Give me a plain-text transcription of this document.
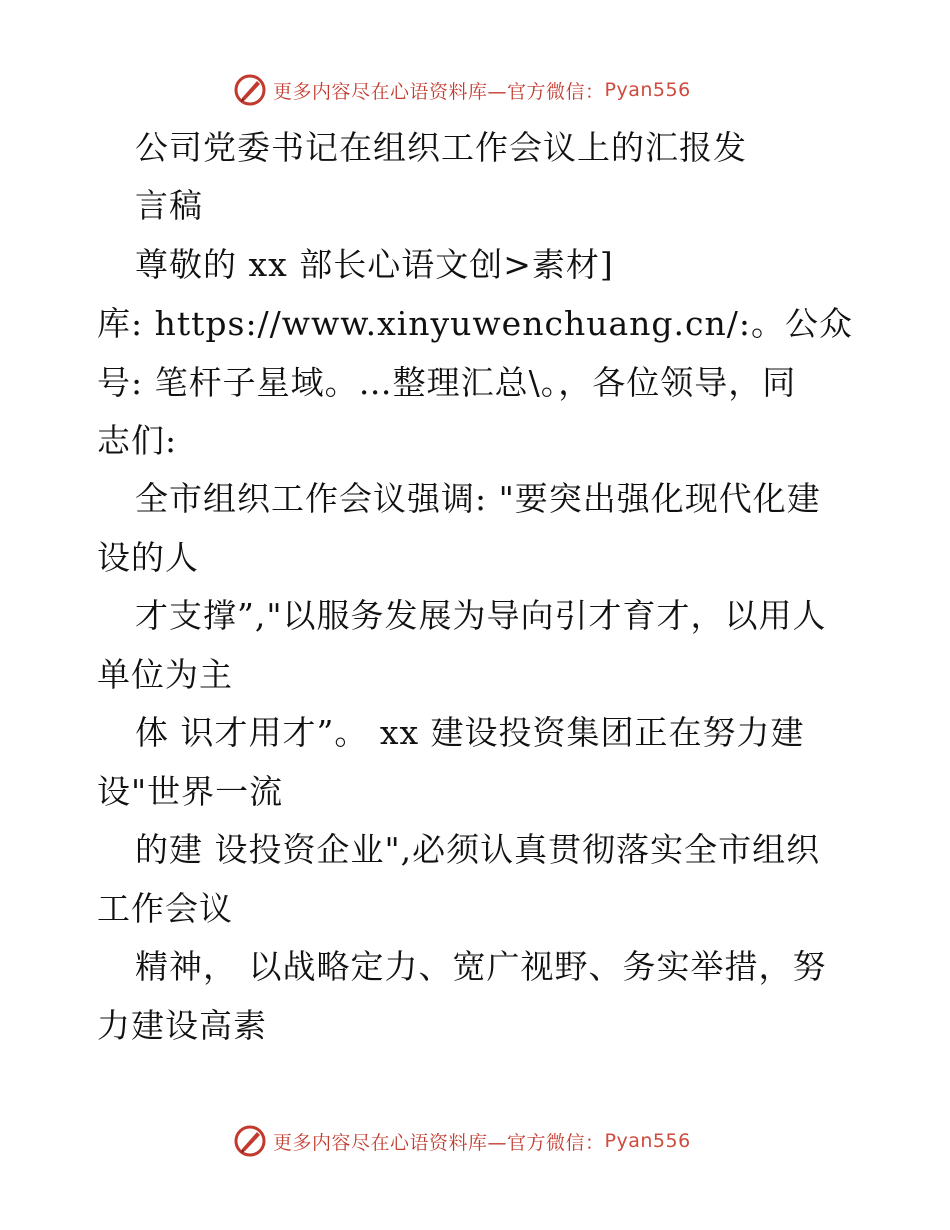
更多内容尽在心语资料库—官方微信： Pyan556
公司党委书记在组织工作会议上的汇报发
言稿
尊敬的 xx 部长心语文创>素材]
库: https://www.xinyuwenchuang.cn/:。公众
号: 笔杆子星域。…整理汇总\。，各位领导，同
志们:
全市组织工作会议强调: "要突出强化现代化建
设的人
才支撑”,"以服务发展为导向引才育才，以用人
单位为主
体 识才用才”。 xx 建设投资集团正在努力建
设"世界一流
的建 设投资企业",必须认真贯彻落实全市组织
工作会议
精神， 以战略定力、宽广视野、务实举措，努
力建设高素
更多内容尽在心语资料库—官方微信： Pyan556
